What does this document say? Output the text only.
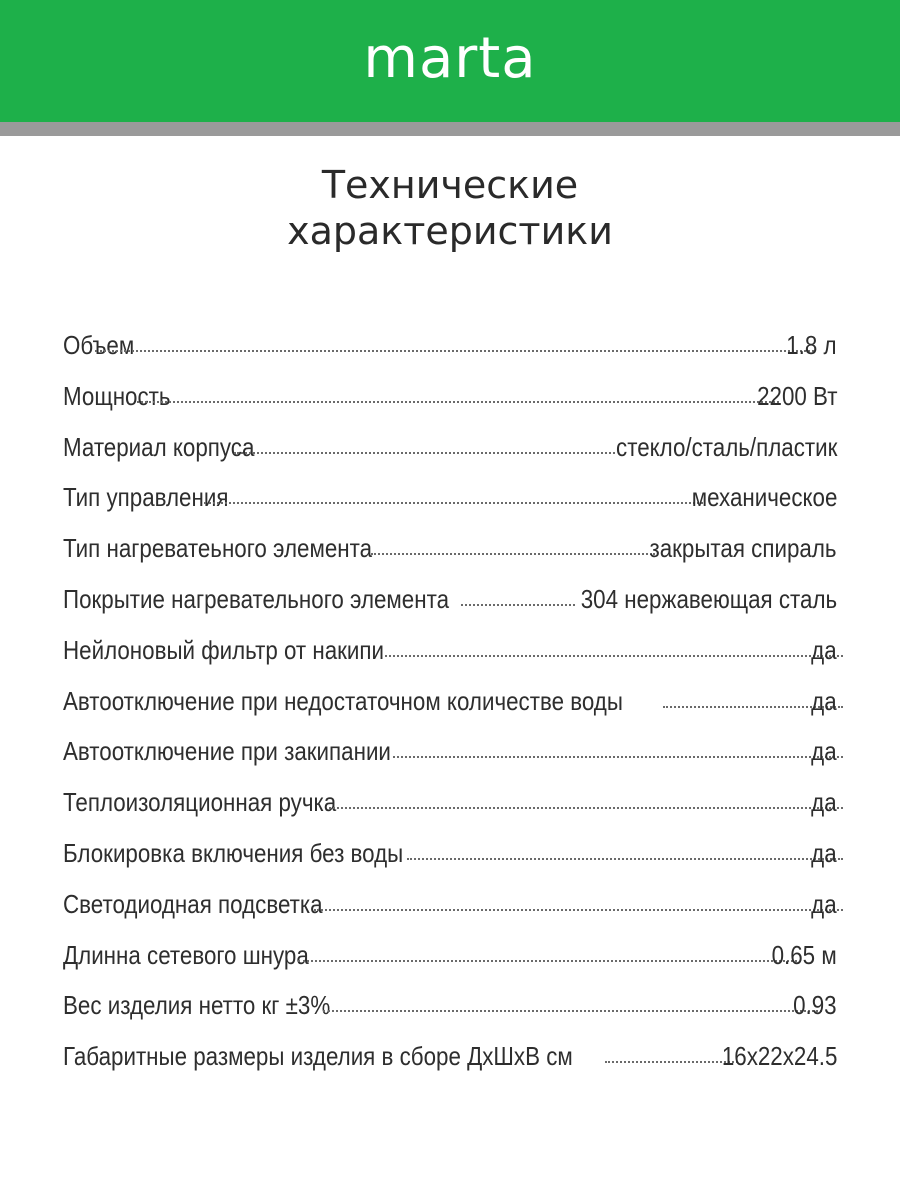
marta
Технические
характеристики
Объем	1.8 л
Мощность	2200 Вт
Материал корпуса	стекло/сталь/пластик
Тип управления	механическое
Тип нагреватеьного элемента	закрытая спираль
Покрытие нагревательного элемента	304 нержавеющая сталь
Нейлоновый фильтр от накипи	да
Автоотключение при недостаточном количестве воды	да
Автоотключение при закипании	да
Теплоизоляционная ручка	да
Блокировка включения без воды	да
Светодиодная подсветка	да
Длинна сетевого шнура	0.65 м
Вес изделия нетто кг ±3%	0.93
Габаритные размеры изделия в сборе ДхШхВ см	16x22x24.5
